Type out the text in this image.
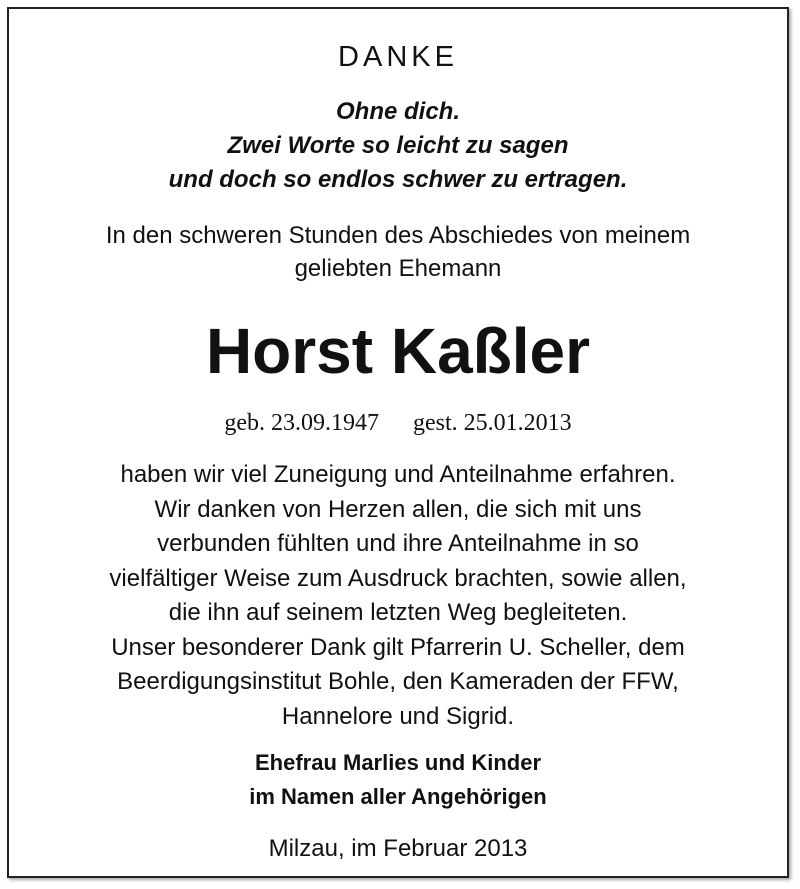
DANKE
Ohne dich.
Zwei Worte so leicht zu sagen
und doch so endlos schwer zu ertragen.
In den schweren Stunden des Abschiedes von meinem
geliebten Ehemann
Horst Kaßler
geb. 23.09.1947 gest. 25.01.2013
haben wir viel Zuneigung und Anteilnahme erfahren.
Wir danken von Herzen allen, die sich mit uns
verbunden fühlten und ihre Anteilnahme in so
vielfältiger Weise zum Ausdruck brachten, sowie allen,
die ihn auf seinem letzten Weg begleiteten.
Unser besonderer Dank gilt Pfarrerin U. Scheller, dem
Beerdigungsinstitut Bohle, den Kameraden der FFW,
Hannelore und Sigrid.
Ehefrau Marlies und Kinder
im Namen aller Angehörigen
Milzau, im Februar 2013
